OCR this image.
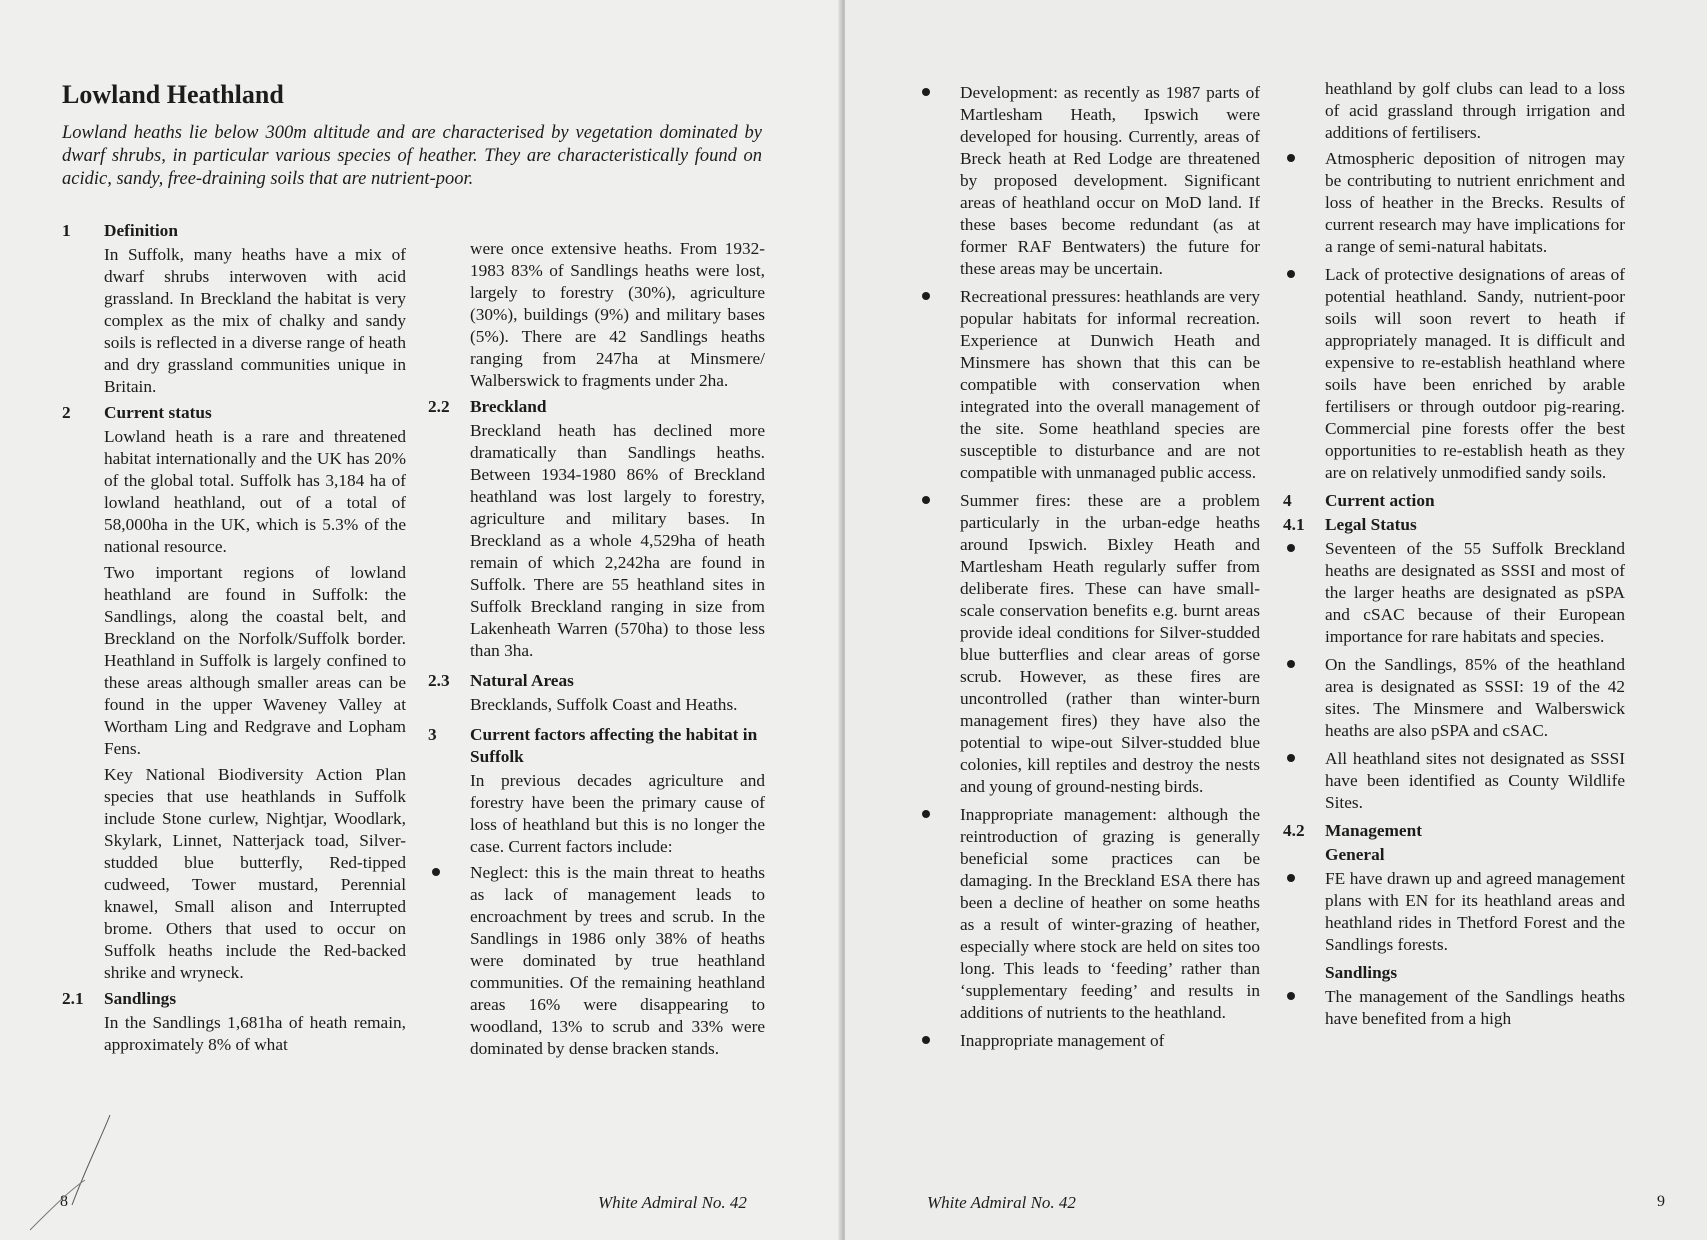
Lowland Heathland

Lowland heaths lie below 300m altitude and are characterised by vegetation dominated by dwarf shrubs, in particular various species of heather. They are characteristically found on acidic, sandy, free-draining soils that are nutrient-poor.

1 Definition

In Suffolk, many heaths have a mix of dwarf shrubs interwoven with acid grassland. In Breckland the habitat is very complex as the mix of chalky and sandy soils is reflected in a diverse range of heath and dry grassland communities unique in Britain.

2 Current status

Lowland heath is a rare and threatened habitat internationally and the UK has 20% of the global total. Suffolk has 3,184 ha of lowland heathland, out of a total of 58,000ha in the UK, which is 5.3% of the national resource.

Two important regions of lowland heathland are found in Suffolk: the Sandlings, along the coastal belt, and Breckland on the Norfolk/Suffolk border. Heathland in Suffolk is largely confined to these areas although smaller areas can be found in the upper Waveney Valley at Wortham Ling and Redgrave and Lopham Fens.

Key National Biodiversity Action Plan species that use heathlands in Suffolk include Stone curlew, Nightjar, Woodlark, Skylark, Linnet, Natterjack toad, Silver-studded blue butterfly, Red-tipped cudweed, Tower mustard, Perennial knawel, Small alison and Interrupted brome. Others that used to occur on Suffolk heaths include the Red-backed shrike and wryneck.

2.1 Sandlings

In the Sandlings 1,681ha of heath remain, approximately 8% of what

were once extensive heaths. From 1932-1983 83% of Sandlings heaths were lost, largely to forestry (30%), agriculture (30%), buildings (9%) and military bases (5%). There are 42 Sandlings heaths ranging from 247ha at Minsmere/ Walberswick to fragments under 2ha.

2.2 Breckland

Breckland heath has declined more dramatically than Sandlings heaths. Between 1934-1980 86% of Breckland heathland was lost largely to forestry, agriculture and military bases. In Breckland as a whole 4,529ha of heath remain of which 2,242ha are found in Suffolk. There are 55 heathland sites in Suffolk Breckland ranging in size from Lakenheath Warren (570ha) to those less than 3ha.

2.3 Natural Areas

Brecklands, Suffolk Coast and Heaths.

3 Current factors affecting the habitat in Suffolk

In previous decades agriculture and forestry have been the primary cause of loss of heathland but this is no longer the case. Current factors include:

Neglect: this is the main threat to heaths as lack of management leads to encroachment by trees and scrub. In the Sandlings in 1986 only 38% of heaths were dominated by true heathland communities. Of the remaining heathland areas 16% were disappearing to woodland, 13% to scrub and 33% were dominated by dense bracken stands.
8	White Admiral No. 42
Development: as recently as 1987 parts of Martlesham Heath, Ipswich were developed for housing. Currently, areas of Breck heath at Red Lodge are threatened by proposed development. Significant areas of heathland occur on MoD land. If these bases become redundant (as at former RAF Bentwaters) the future for these areas may be uncertain.
Recreational pressures: heathlands are very popular habitats for informal recreation. Experience at Dunwich Heath and Minsmere has shown that this can be compatible with conservation when integrated into the overall management of the site. Some heathland species are susceptible to disturbance and are not compatible with unmanaged public access.
Summer fires: these are a problem particularly in the urban-edge heaths around Ipswich. Bixley Heath and Martlesham Heath regularly suffer from deliberate fires. These can have small-scale conservation benefits e.g. burnt areas provide ideal conditions for Silver-studded blue butterflies and clear areas of gorse scrub. However, as these fires are uncontrolled (rather than winter-burn management fires) they have also the potential to wipe-out Silver-studded blue colonies, kill reptiles and destroy the nests and young of ground-nesting birds.
Inappropriate management: although the reintroduction of grazing is generally beneficial some practices can be damaging. In the Breckland ESA there has been a decline of heather on some heaths as a result of winter-grazing of heather, especially where stock are held on sites too long. This leads to ‘feeding’ rather than ‘supplementary feeding’ and results in additions of nutrients to the heathland.
Inappropriate management of

heathland by golf clubs can lead to a loss of acid grassland through irrigation and additions of fertilisers.

Atmospheric deposition of nitrogen may be contributing to nutrient enrichment and loss of heather in the Brecks. Results of current research may have implications for a range of semi-natural habitats.
Lack of protective designations of areas of potential heathland. Sandy, nutrient-poor soils will soon revert to heath if appropriately managed. It is difficult and expensive to re-establish heathland where soils have been enriched by arable fertilisers or through outdoor pig-rearing. Commercial pine forests offer the best opportunities to re-establish heath as they are on relatively unmodified sandy soils.
4 Current action
4.1 Legal Status
Seventeen of the 55 Suffolk Breckland heaths are designated as SSSI and most of the larger heaths are designated as pSPA and cSAC because of their European importance for rare habitats and species.
On the Sandlings, 85% of the heathland area is designated as SSSI: 19 of the 42 sites. The Minsmere and Walberswick heaths are also pSPA and cSAC.
All heathland sites not designated as SSSI have been identified as County Wildlife Sites.
4.2 Management
General
FE have drawn up and agreed management plans with EN for its heathland areas and heathland rides in Thetford Forest and the Sandlings forests.
Sandlings
The management of the Sandlings heaths have benefited from a high
White Admiral No. 42	9
